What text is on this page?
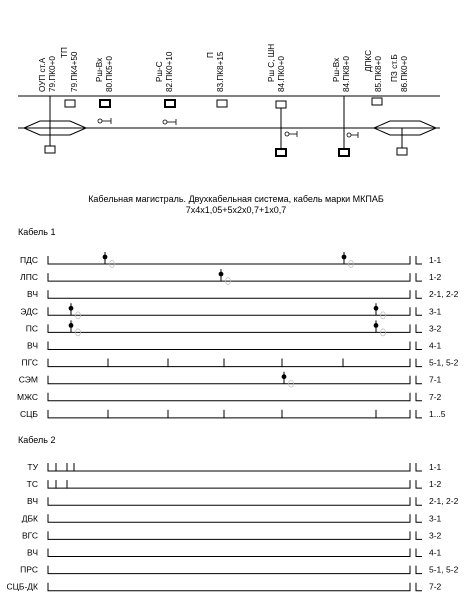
ОУП ст.А 79.ПК0+0
ТП 79.ПК4+50 Рш-Вх 80.ПК5+0	Рш-С 82.ПК0+10	П 83.ПК8+15	Рш С, ШН 84.ПК0+0	Рш-Вх 84.ПК8+0 ДПКС 85.ПК8+0 ПЗ ст.Б 86.ПК0+0
Кабельная магистраль. Двухкабельная система, кабель марки МКПАБ
7х4х1,05+5х2х0,7+1х0,7
Кабель 1
ПДС	1-1
ЛПС	1-2
ВЧ	2-1, 2-2
ЭДС	3-1
ПС	3-2
ВЧ	4-1
ПГС	5-1, 5-2
СЭМ	7-1
МЖС	7-2
СЦБ	1...5
Кабель 2
ТУ	1-1
ТС	1-2
ВЧ	2-1, 2-2
ДБК	3-1
ВГС	3-2
ВЧ	4-1
ПРС	5-1, 5-2
СЦБ-ДК	7-2
